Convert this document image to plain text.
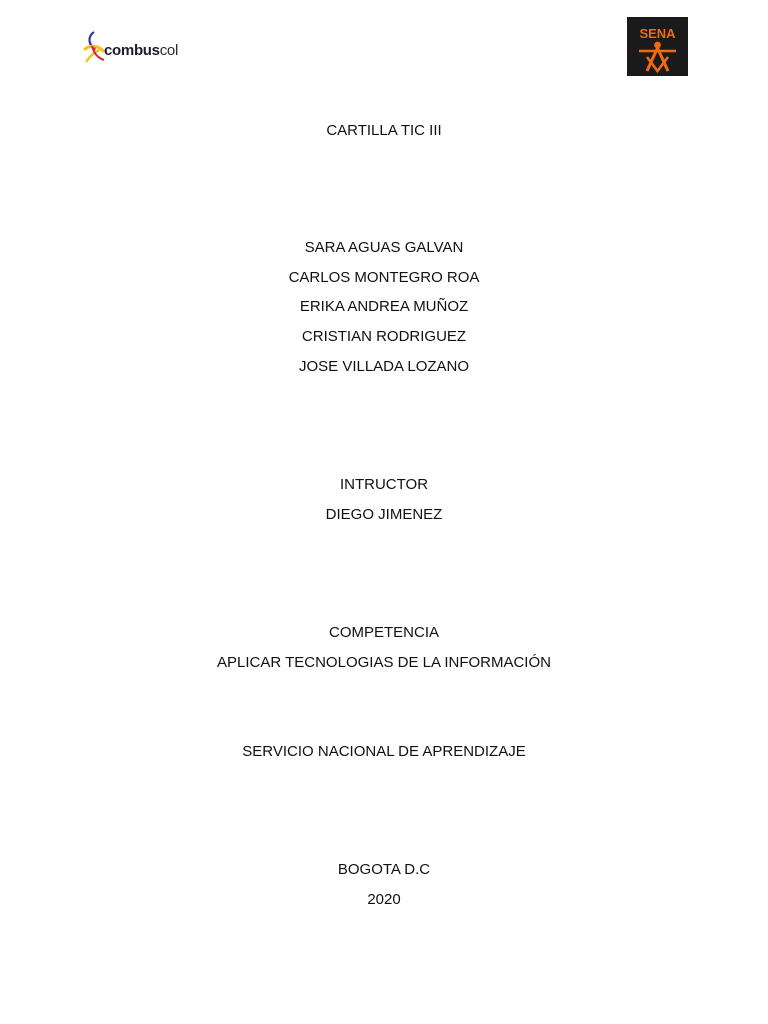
combuscol
SENA
CARTILLA TIC III
SARA AGUAS GALVAN
CARLOS MONTEGRO ROA
ERIKA ANDREA MUÑOZ
CRISTIAN RODRIGUEZ
JOSE VILLADA LOZANO
INTRUCTOR
DIEGO JIMENEZ
COMPETENCIA
APLICAR TECNOLOGIAS DE LA INFORMACIÓN
SERVICIO NACIONAL DE APRENDIZAJE
BOGOTA D.C
2020
